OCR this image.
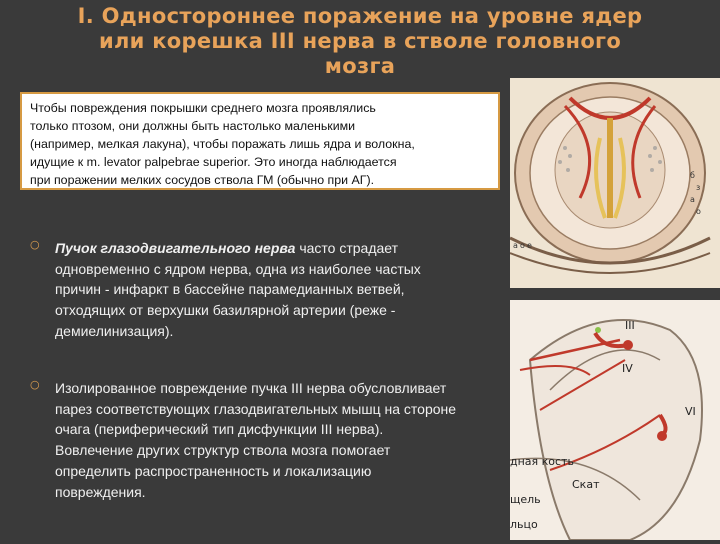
I. Одностороннее поражение на уровне ядер
или корешка III нерва в стволе головного
мозга
а о е
б
з
а
о
III
IV
VI
дная кость
Скат
щель
льцо
Чтобы повреждения покрышки среднего мозга проявлялись
только птозом, они должны быть настолько маленькими
(например, мелкая лакуна), чтобы поражать лишь ядра и волокна,
идущие к m. levator palpebrae superior. Это иногда наблюдается
при поражении мелких сосудов ствола ГМ (обычно при АГ).
○ Пучок глазодвигательного нерва часто страдает
одновременно с ядром нерва, одна из наиболее частых
причин - инфаркт в бассейне парамедианных ветвей,
отходящих от верхушки базилярной артерии (реже -
демиелинизация).
○ Изолированное повреждение пучка III нерва обусловливает
парез соответствующих глазодвигательных мышц на стороне
очага (периферический тип дисфункции III нерва).
Вовлечение других структур ствола мозга помогает
определить распространенность и локализацию
повреждения.
